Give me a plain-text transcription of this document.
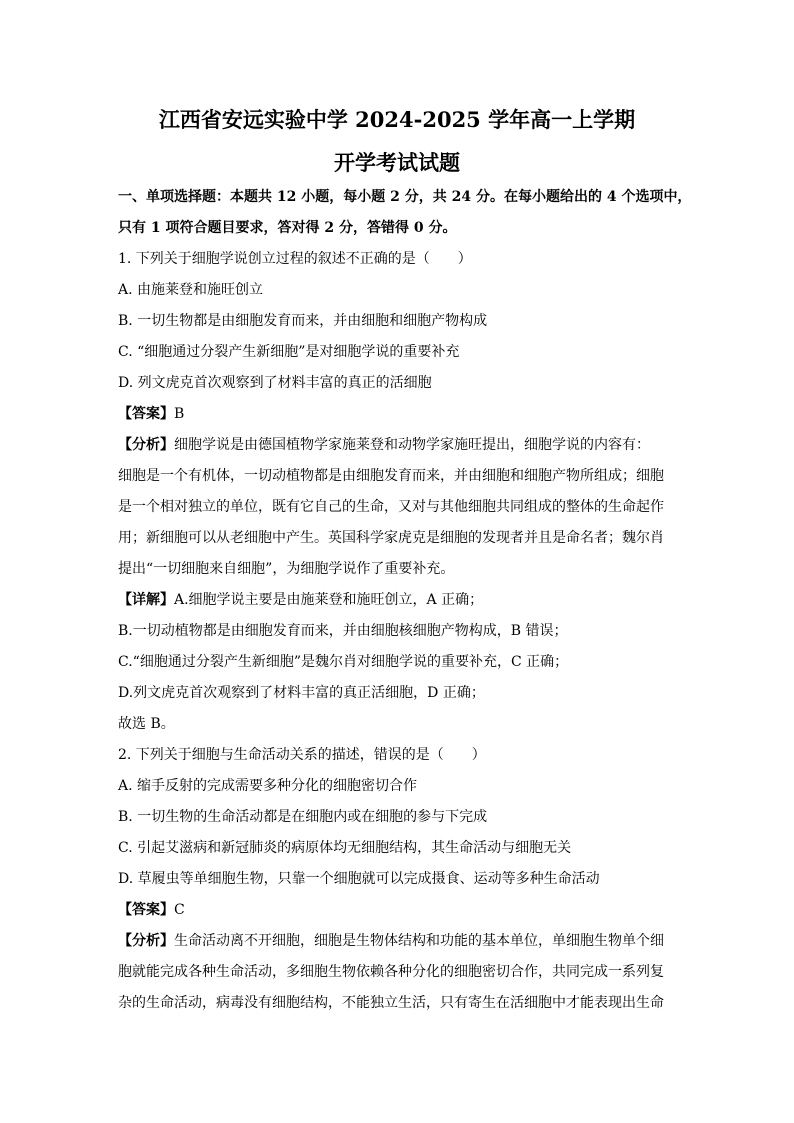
江西省安远实验中学 2024-2025 学年高一上学期
开学考试试题
一、单项选择题：本题共 12 小题，每小题 2 分，共 24 分。在每小题给出的 4 个选项中，
只有 1 项符合题目要求，答对得 2 分，答错得 0 分。
1. 下列关于细胞学说创立过程的叙述不正确的是（　　）
A. 由施莱登和施旺创立
B. 一切生物都是由细胞发育而来，并由细胞和细胞产物构成
C. “细胞通过分裂产生新细胞”是对细胞学说的重要补充
D. 列文虎克首次观察到了材料丰富的真正的活细胞
【答案】B
【分析】细胞学说是由德国植物学家施莱登和动物学家施旺提出，细胞学说的内容有：
细胞是一个有机体，一切动植物都是由细胞发育而来，并由细胞和细胞产物所组成；细胞
是一个相对独立的单位，既有它自己的生命，又对与其他细胞共同组成的整体的生命起作
用；新细胞可以从老细胞中产生。英国科学家虎克是细胞的发现者并且是命名者；魏尔肖
提出“一切细胞来自细胞”，为细胞学说作了重要补充。
【详解】A.细胞学说主要是由施莱登和施旺创立，A 正确；
B.一切动植物都是由细胞发育而来，并由细胞核细胞产物构成，B 错误；
C.“细胞通过分裂产生新细胞”是魏尔肖对细胞学说的重要补充，C 正确；
D.列文虎克首次观察到了材料丰富的真正活细胞，D 正确；
故选 B。
2. 下列关于细胞与生命活动关系的描述，错误的是（　　）
A. 缩手反射的完成需要多种分化的细胞密切合作
B. 一切生物的生命活动都是在细胞内或在细胞的参与下完成
C. 引起艾滋病和新冠肺炎的病原体均无细胞结构，其生命活动与细胞无关
D. 草履虫等单细胞生物，只靠一个细胞就可以完成摄食、运动等多种生命活动
【答案】C
【分析】生命活动离不开细胞，细胞是生物体结构和功能的基本单位，单细胞生物单个细
胞就能完成各种生命活动，多细胞生物依赖各种分化的细胞密切合作，共同完成一系列复
杂的生命活动，病毒没有细胞结构，不能独立生活，只有寄生在活细胞中才能表现出生命
